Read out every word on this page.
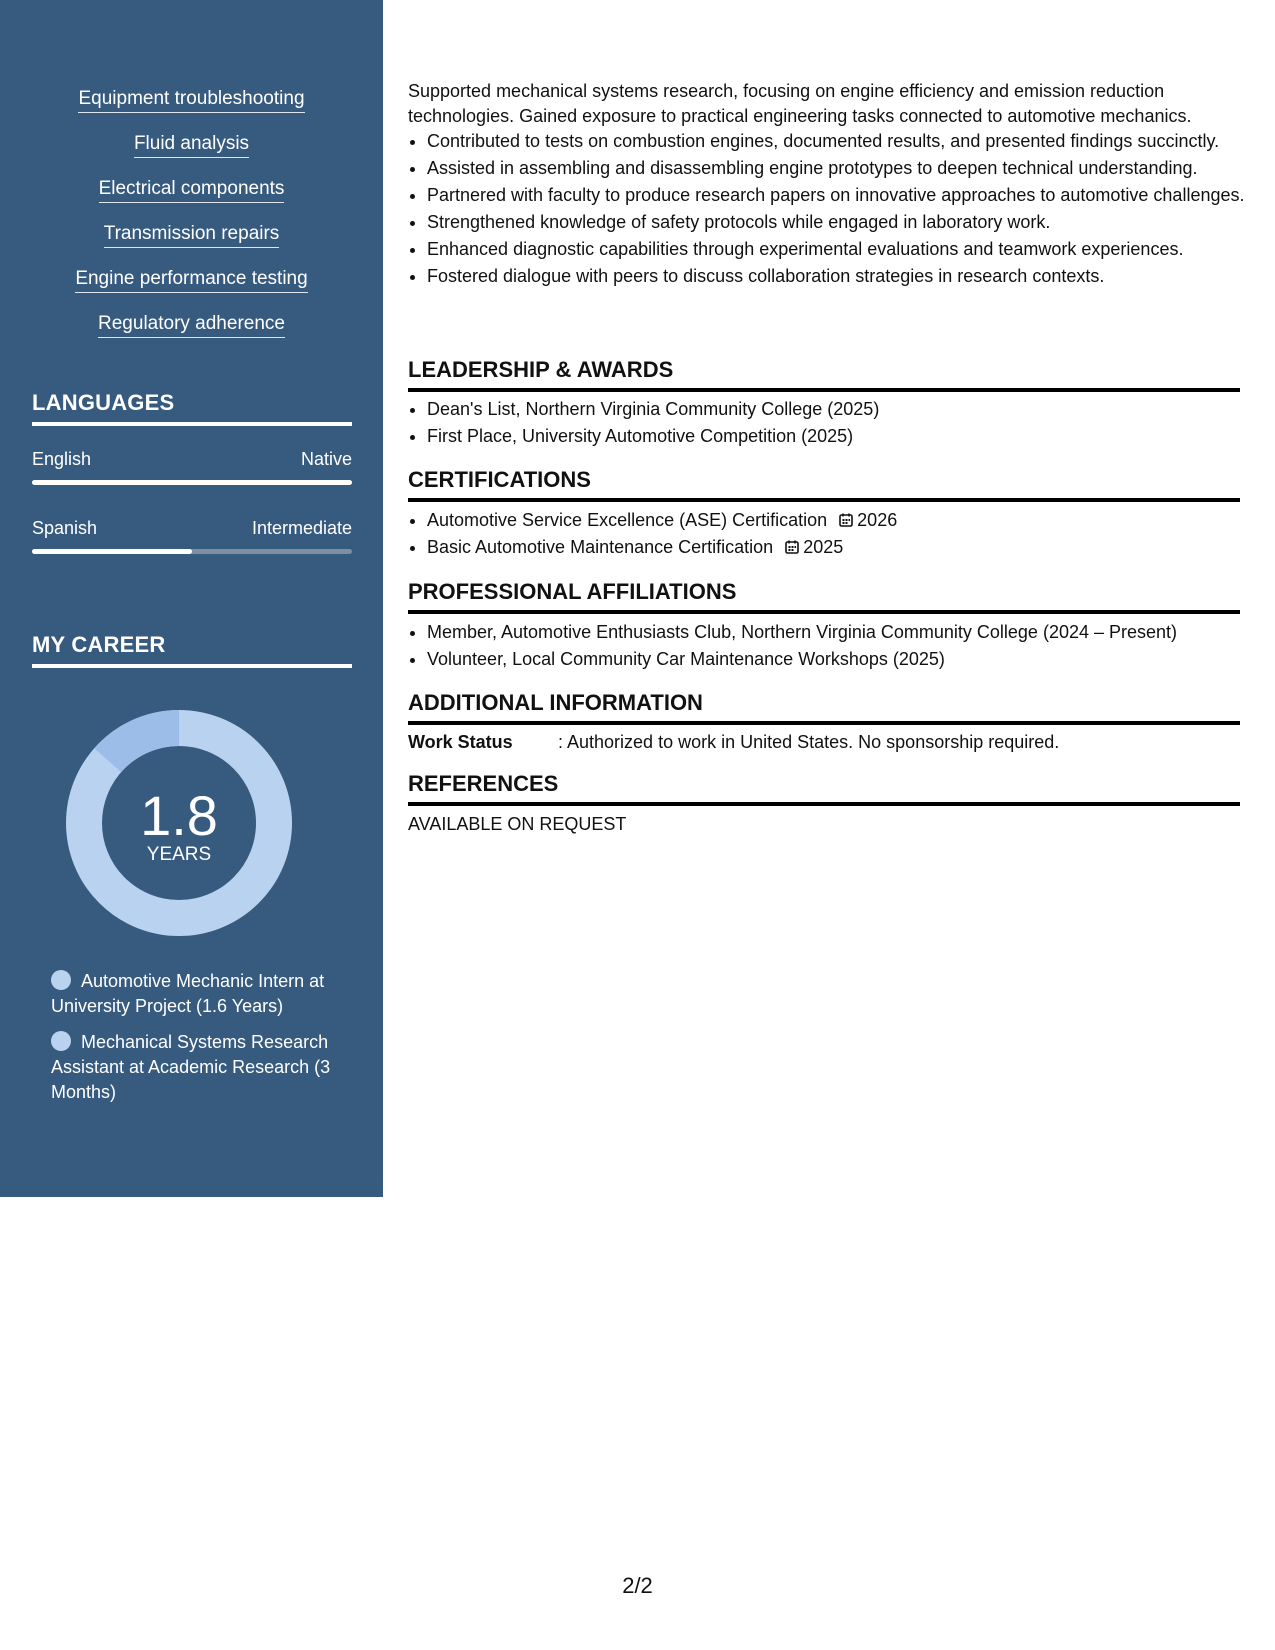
Equipment troubleshooting
Fluid analysis
Electrical components
Transmission repairs
Engine performance testing
Regulatory adherence
LANGUAGES
English	Native
Spanish	Intermediate
MY CAREER
1.8
YEARS
Automotive Mechanic Intern at University Project (1.6 Years)
Mechanical Systems Research Assistant at Academic Research (3 Months)

Supported mechanical systems research, focusing on engine efficiency and emission reduction technologies. Gained exposure to practical engineering tasks connected to automotive mechanics.

• Contributed to tests on combustion engines, documented results, and presented findings succinctly.
• Assisted in assembling and disassembling engine prototypes to deepen technical understanding.
• Partnered with faculty to produce research papers on innovative approaches to automotive challenges.
• Strengthened knowledge of safety protocols while engaged in laboratory work.
• Enhanced diagnostic capabilities through experimental evaluations and teamwork experiences.
• Fostered dialogue with peers to discuss collaboration strategies in research contexts.
LEADERSHIP & AWARDS
• Dean's List, Northern Virginia Community College (2025)
• First Place, University Automotive Competition (2025)
CERTIFICATIONS
• Automotive Service Excellence (ASE) Certification 2026
• Basic Automotive Maintenance Certification 2025
PROFESSIONAL AFFILIATIONS
• Member, Automotive Enthusiasts Club, Northern Virginia Community College (2024 – Present)
• Volunteer, Local Community Car Maintenance Workshops (2025)
ADDITIONAL INFORMATION
Work Status	: Authorized to work in United States. No sponsorship required.
REFERENCES
AVAILABLE ON REQUEST
2/2
